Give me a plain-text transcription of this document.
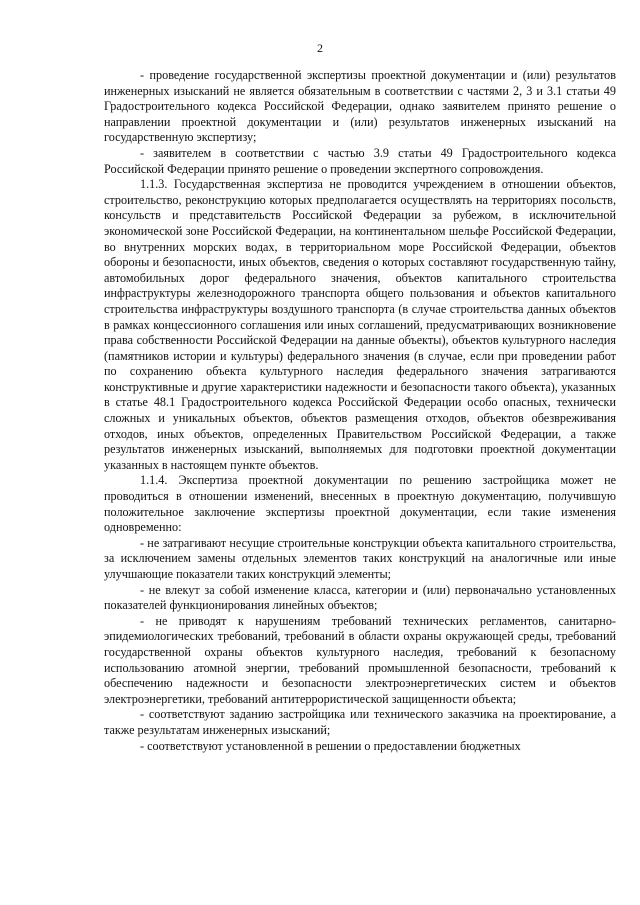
2

- проведение государственной экспертизы проектной документации и (или) результатов инженерных изысканий не является обязательным в соответствии с частями 2, 3 и 3.1 статьи 49 Градостроительного кодекса Российской Федерации, однако заявителем принято решение о направлении проектной документации и (или) результатов инженерных изысканий на государственную экспертизу;

- заявителем в соответствии с частью 3.9 статьи 49 Градостроительного кодекса Российской Федерации принято решение о проведении экспертного сопровождения.

1.1.3. Государственная экспертиза не проводится учреждением в отношении объектов, строительство, реконструкцию которых предполагается осуществлять на территориях посольств, консульств и представительств Российской Федерации за рубежом, в исключительной экономической зоне Российской Федерации, на континентальном шельфе Российской Федерации, во внутренних морских водах, в территориальном море Российской Федерации, объектов обороны и безопасности, иных объектов, сведения о которых составляют государственную тайну, автомобильных дорог федерального значения, объектов капитального строительства инфраструктуры железнодорожного транспорта общего пользования и объектов капитального строительства инфраструктуры воздушного транспорта (в случае строительства данных объектов в рамках концессионного соглашения или иных соглашений, предусматривающих возникновение права собственности Российской Федерации на данные объекты), объектов культурного наследия (памятников истории и культуры) федерального значения (в случае, если при проведении работ по сохранению объекта культурного наследия федерального значения затрагиваются конструктивные и другие характеристики надежности и безопасности такого объекта), указанных в статье 48.1 Градостроительного кодекса Российской Федерации особо опасных, технически сложных и уникальных объектов, объектов размещения отходов, объектов обезвреживания отходов, иных объектов, определенных Правительством Российской Федерации, а также результатов инженерных изысканий, выполняемых для подготовки проектной документации указанных в настоящем пункте объектов.

1.1.4. Экспертиза проектной документации по решению застройщика может не проводиться в отношении изменений, внесенных в проектную документацию, получившую положительное заключение экспертизы проектной документации, если такие изменения одновременно:

- не затрагивают несущие строительные конструкции объекта капитального строительства, за исключением замены отдельных элементов таких конструкций на аналогичные или иные улучшающие показатели таких конструкций элементы;

- не влекут за собой изменение класса, категории и (или) первоначально установленных показателей функционирования линейных объектов;

- не приводят к нарушениям требований технических регламентов, санитарно-эпидемиологических требований, требований в области охраны окружающей среды, требований государственной охраны объектов культурного наследия, требований к безопасному использованию атомной энергии, требований промышленной безопасности, требований к обеспечению надежности и безопасности электроэнергетических систем и объектов электроэнергетики, требований антитеррористической защищенности объекта;

- соответствуют заданию застройщика или технического заказчика на проектирование, а также результатам инженерных изысканий;

- соответствуют установленной в решении о предоставлении бюджетных
